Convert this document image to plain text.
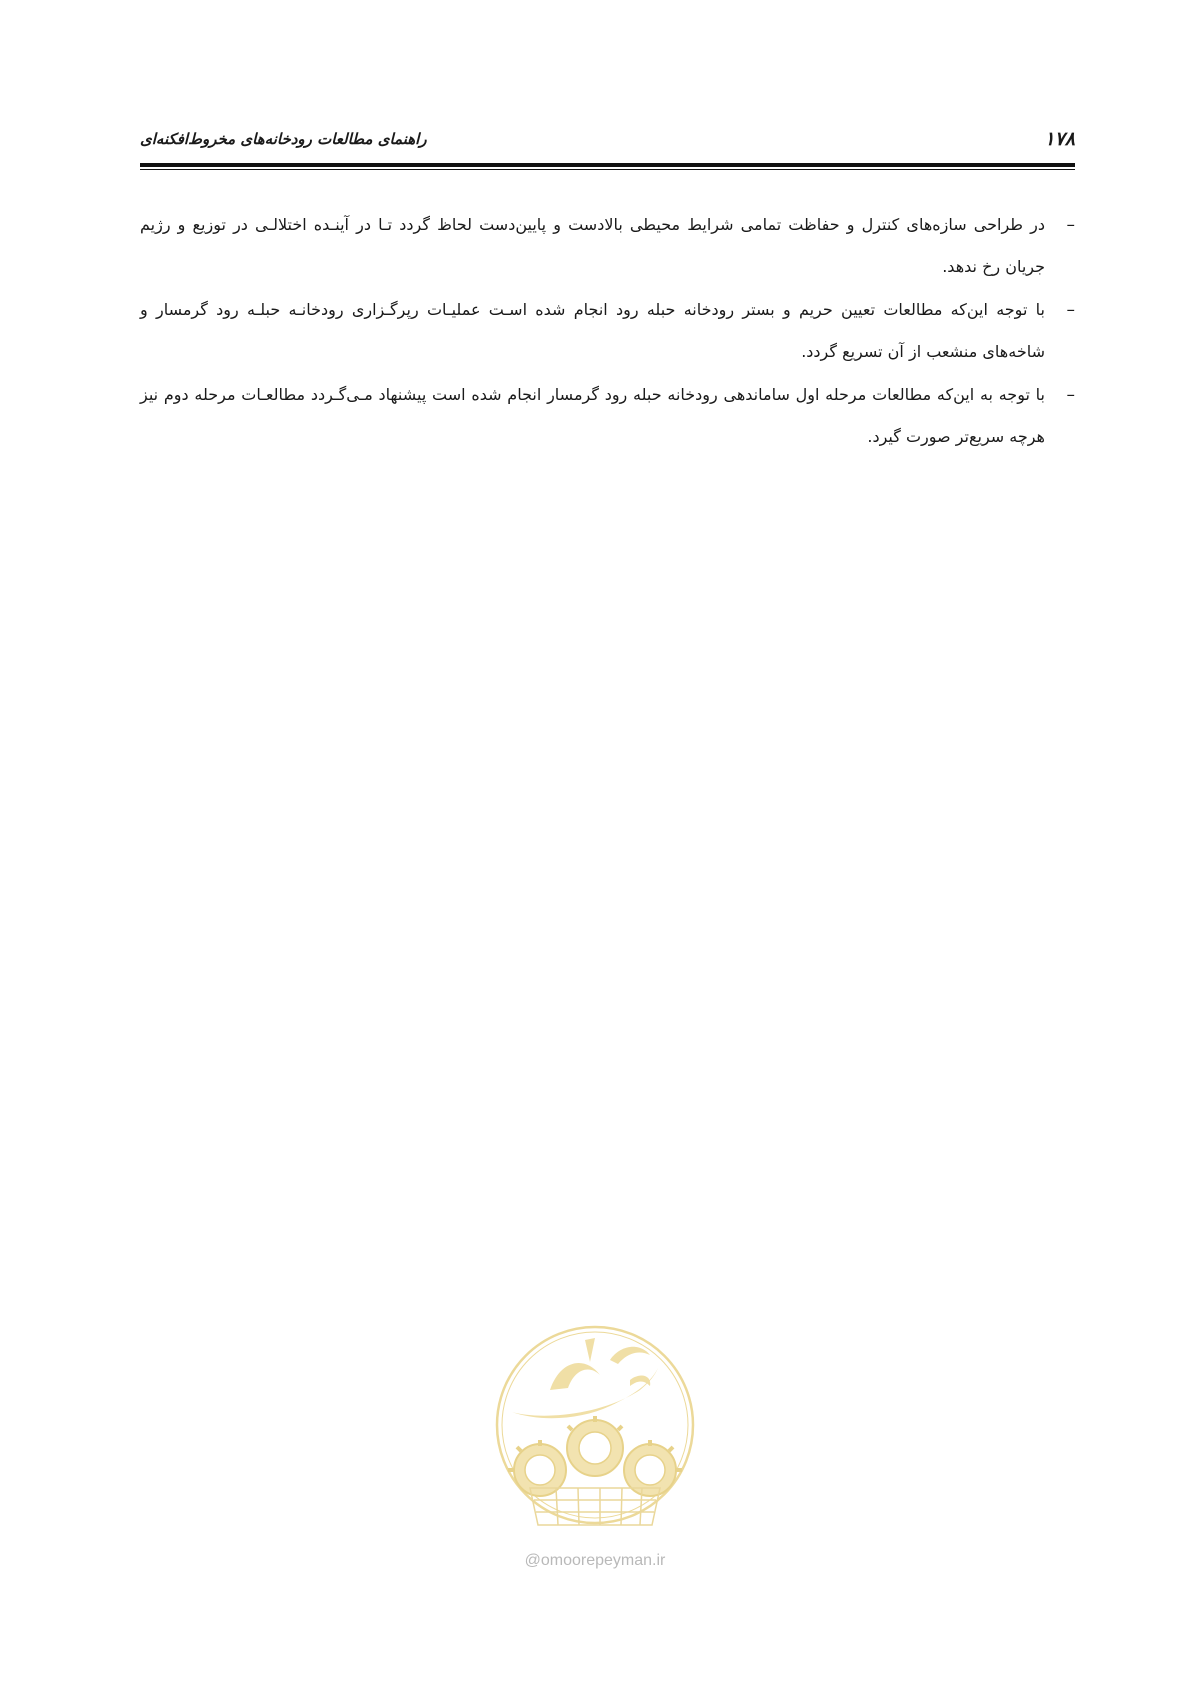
۱۷۸
راهنمای مطالعات رودخانه‌های مخروط‌افکنه‌ای
–
در طراحی سازه‌های کنترل و حفاظت تمامی شرایط محیطی بالادست و پایین‌دست لحاظ گردد تـا در آینـده اختلالـی در توزیع و رژیم جریان رخ ندهد.
–
با توجه این‌که مطالعات تعیین حریم و بستر رودخانه حبله رود انجام شده اسـت عملیـات رپرگـزاری رودخانـه حبلـه رود گرمسار و شاخه‌های منشعب از آن تسریع گردد.
–
با توجه به این‌که مطالعات مرحله اول ساماندهی رودخانه حبله رود گرمسار انجام شده است پیشنهاد مـی‌گـردد مطالعـات مرحله دوم نیز هرچه سریع‌تر صورت گیرد.
@omoorepeyman.ir
